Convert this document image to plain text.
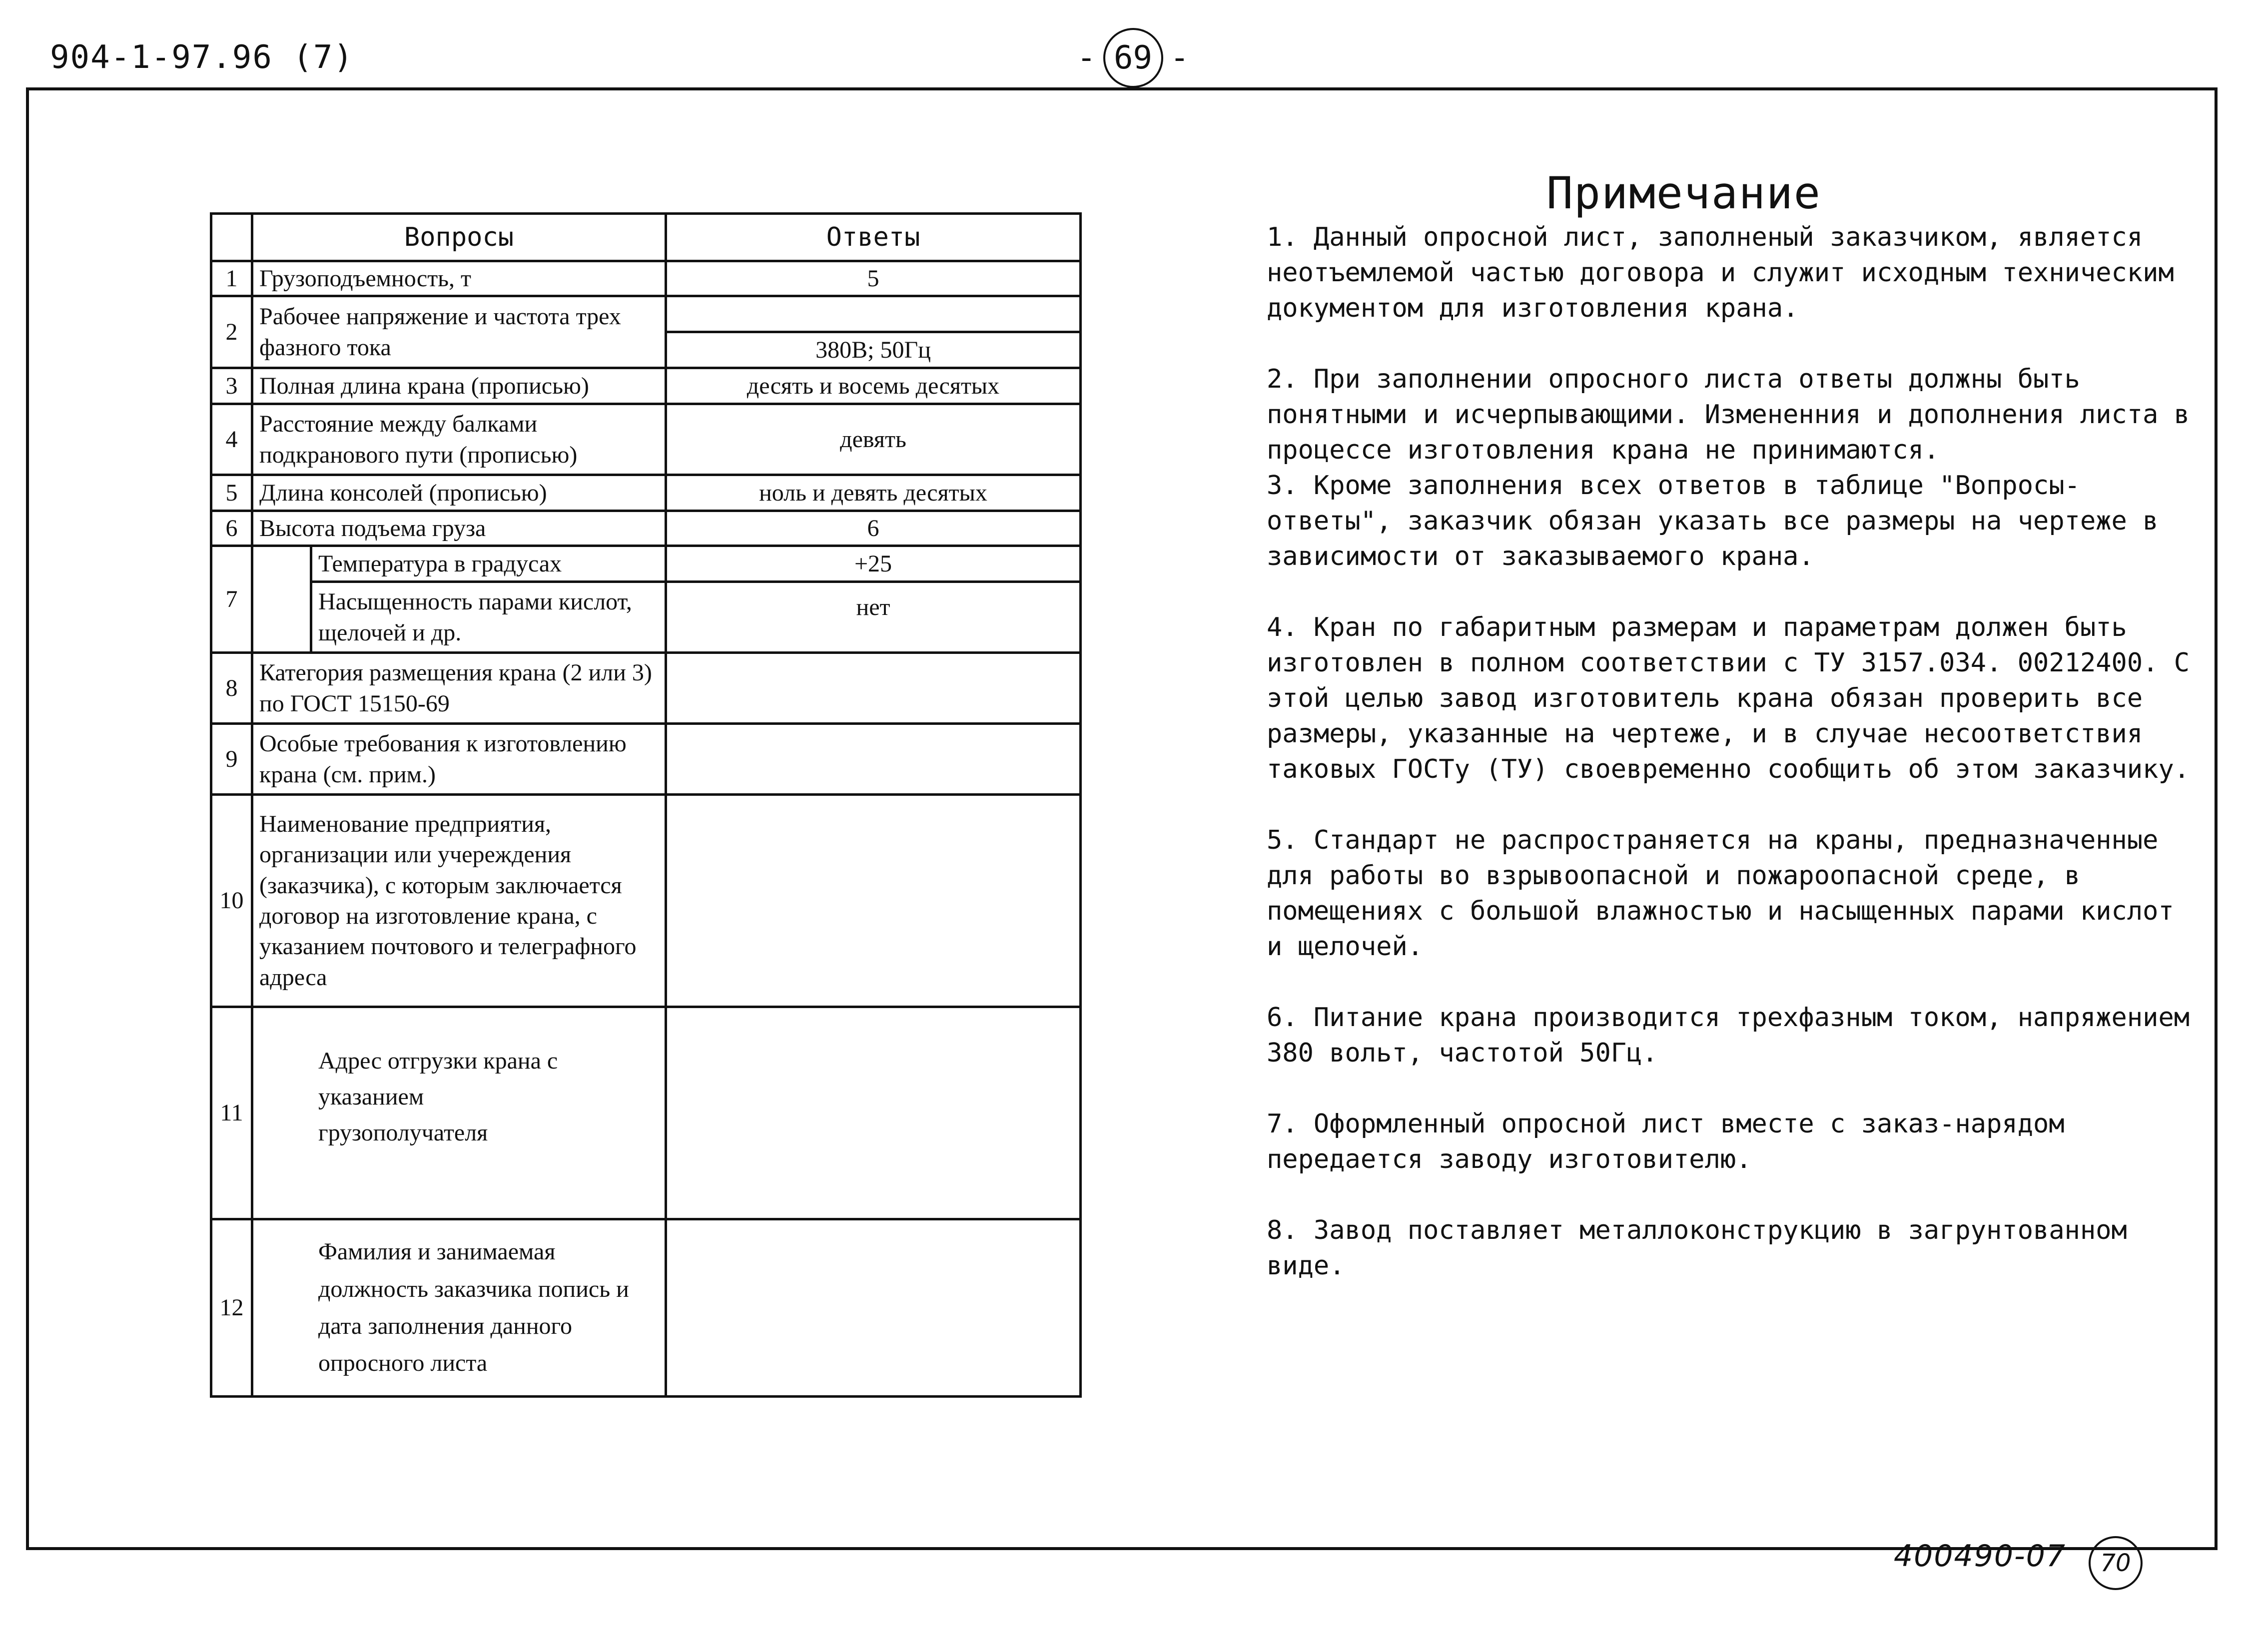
904-1-97.96 (7)	- 69 -
	Вопросы		Ответы
1	Грузоподъемность, т		5
2	Рабочее напряжение и частота трех фазного тока		
			380В; 50Гц
3	Полная длина крана (прописью)		десять и восемь десятых
4	Расстояние между балками подкранового пути (прописью)		девять
5	Длина консолей (прописью)		ноль и девять десятых
6	Высота подъема груза		6
7		Температура в градусах	+25
		Насыщенность парами кислот, щелочей и др.	нет
8	Категория размещения крана (2 или 3) по ГОСТ 15150-69		
9	Особые требования к изготовлению крана (см. прим.)		
10	Наименование предприятия, организации или учереждения (заказчика), с которым заключается договор на изготовление крана, с указанием почтового и телеграфного адреса		
11	Адрес отгрузки крана с указанием грузополучателя		
12	Фамилия и занимаемая должность заказчика попись и дата заполнения данного опросного листа		
Примечание

1. Данный опросной лист, заполненый заказчиком, является неотъемлемой частью договора и служит исходным техническим документом для изготовления крана.

2. При заполнении опросного листа ответы должны быть понятными и исчерпывающими. Измененния и дополнения листа в процессе изготовления крана не принимаются.

3. Кроме заполнения всех ответов в таблице "Вопросы-ответы", заказчик обязан указать все размеры на чертеже в зависимости от заказываемого крана.

4. Кран по габаритным размерам и параметрам должен быть изготовлен в полном соответствии с ТУ 3157.034. 00212400. С этой целью завод изготовитель крана обязан проверить все размеры, указанные на чертеже, и в случае несоответствия таковых ГОСТу (ТУ) своевременно сообщить об этом заказчику.

5. Стандарт не распространяется на краны, предназначенные для работы во взрывоопасной и пожароопасной среде, в помещениях с большой влажностью и насыщенных парами кислот и щелочей.

6. Питание крана производится трехфазным током, напряжением 380 вольт, частотой 50Гц.

7. Оформленный опросной лист вместе с заказ-нарядом передается заводу изготовителю.

8. Завод поставляет металлоконструкцию в загрунтованном виде.

400490-07	70
